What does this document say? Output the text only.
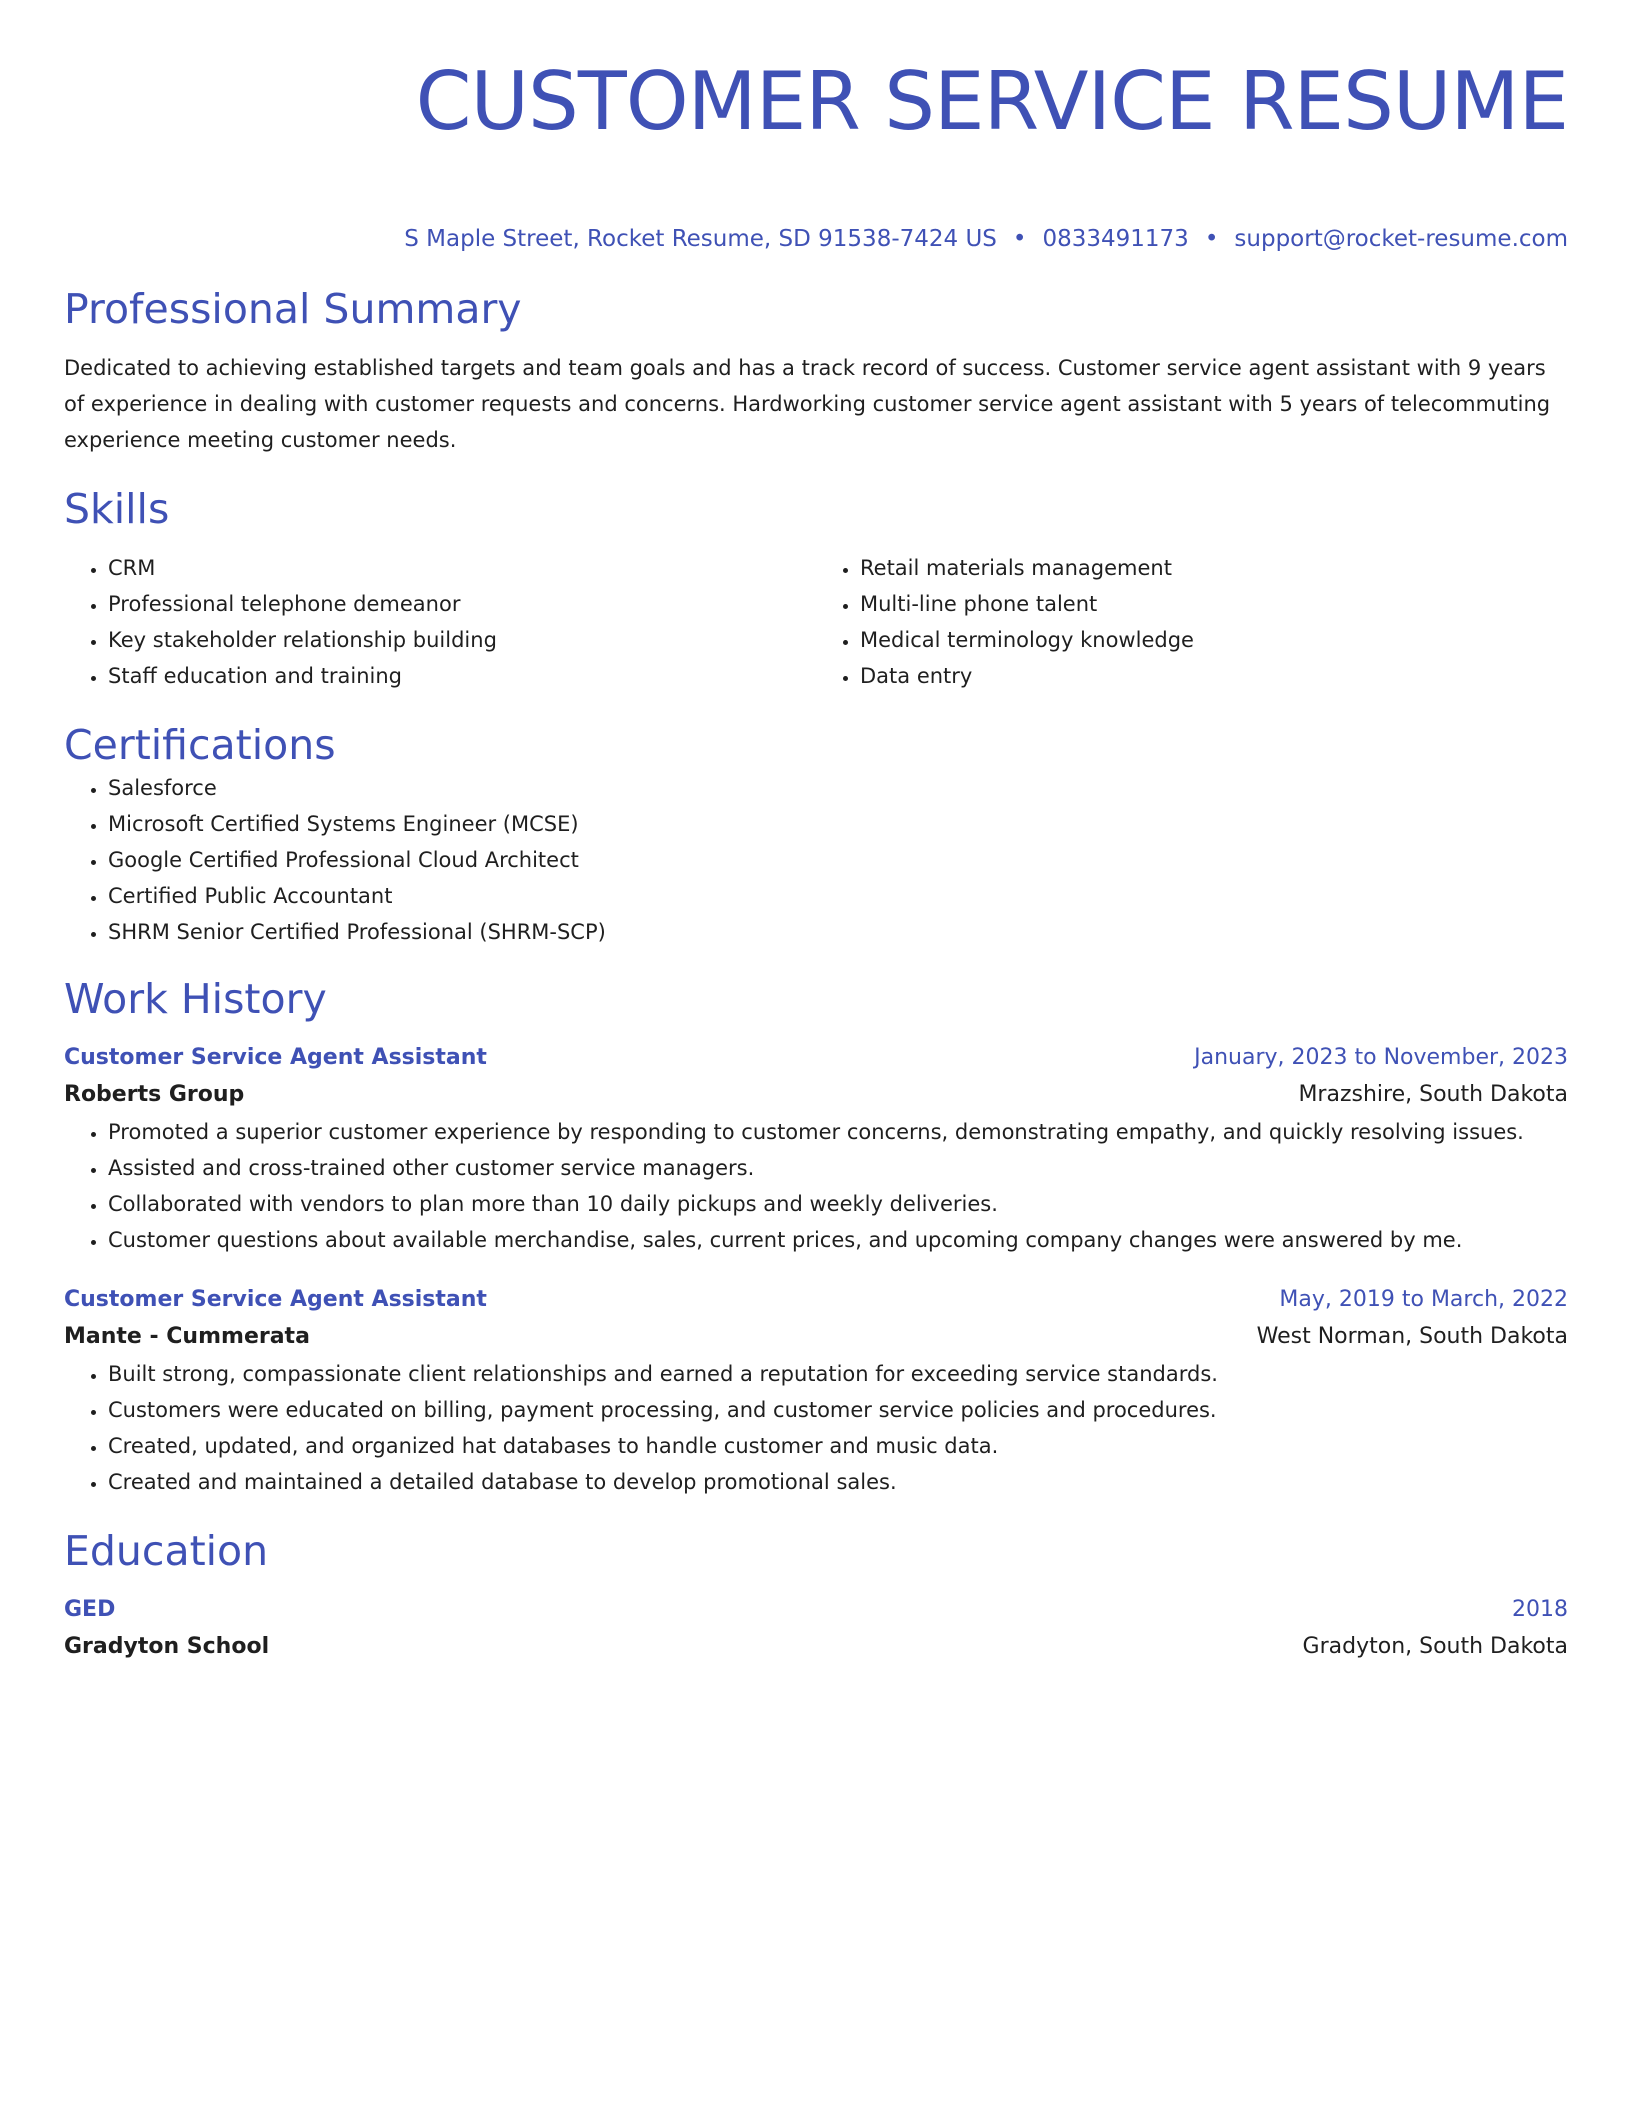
CUSTOMER SERVICE RESUME
S Maple Street, Rocket Resume, SD 91538-7424 US • 0833491173 • support@rocket-resume.com
Professional Summary
Dedicated to achieving established targets and team goals and has a track record of success. Customer service agent assistant with 9 years of experience in dealing with customer requests and concerns. Hardworking customer service agent assistant with 5 years of telecommuting experience meeting customer needs.
Skills
• CRM
• Professional telephone demeanor
• Key stakeholder relationship building
• Staff education and training
• Retail materials management
• Multi-line phone talent
• Medical terminology knowledge
• Data entry
Certifications
• Salesforce
• Microsoft Certified Systems Engineer (MCSE)
• Google Certified Professional Cloud Architect
• Certified Public Accountant
• SHRM Senior Certified Professional (SHRM-SCP)
Work History
Customer Service Agent Assistant	January, 2023 to November, 2023
Roberts Group	Mrazshire, South Dakota
• Promoted a superior customer experience by responding to customer concerns, demonstrating empathy, and quickly resolving issues.
• Assisted and cross-trained other customer service managers.
• Collaborated with vendors to plan more than 10 daily pickups and weekly deliveries.
• Customer questions about available merchandise, sales, current prices, and upcoming company changes were answered by me.
Customer Service Agent Assistant	May, 2019 to March, 2022
Mante - Cummerata	West Norman, South Dakota
• Built strong, compassionate client relationships and earned a reputation for exceeding service standards.
• Customers were educated on billing, payment processing, and customer service policies and procedures.
• Created, updated, and organized hat databases to handle customer and music data.
• Created and maintained a detailed database to develop promotional sales.
Education
GED	2018
Gradyton School	Gradyton, South Dakota
